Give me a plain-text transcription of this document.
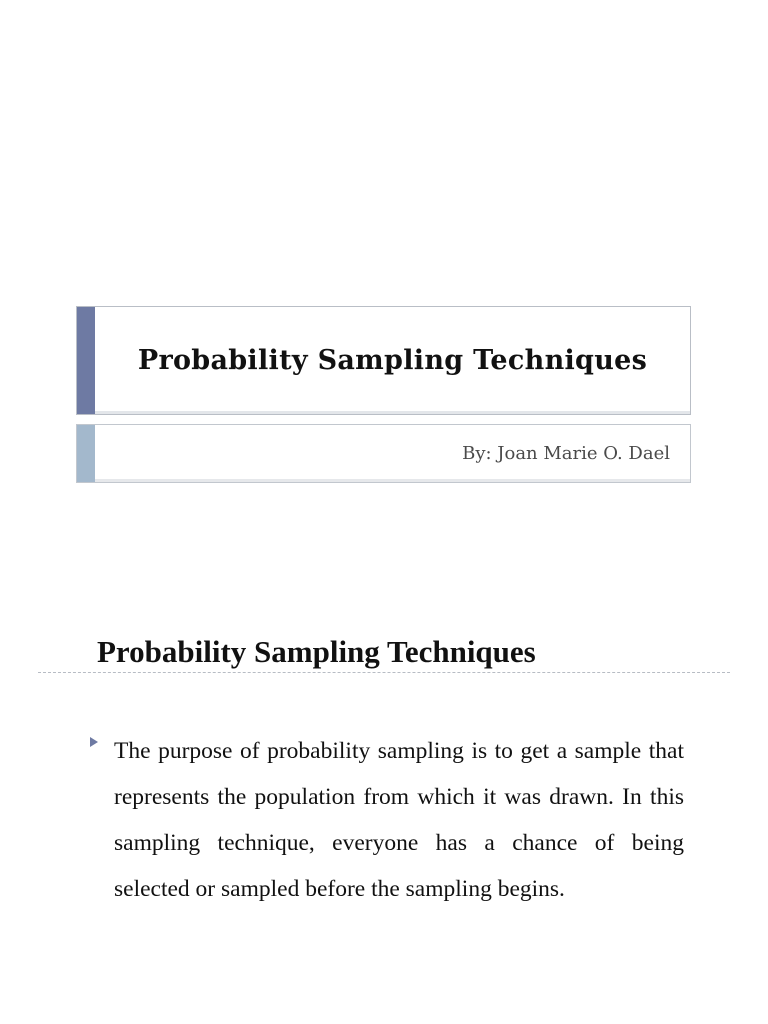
Probability Sampling Techniques
By: Joan Marie O. Dael
Probability Sampling Techniques
The purpose of probability sampling is to get a sample that represents the population from which it was drawn. In this sampling technique, everyone has a chance of being selected or sampled before the sampling begins.
